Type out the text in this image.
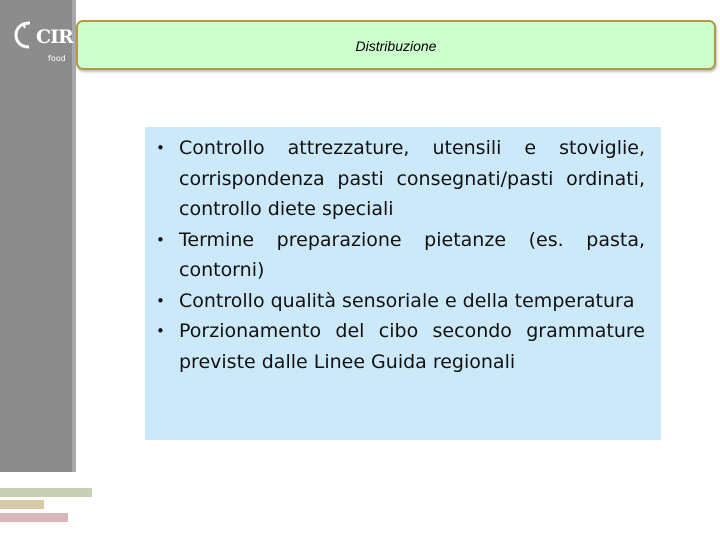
CIR
food
Distribuzione
• Controllo attrezzature, utensili e stoviglie, corrispondenza pasti consegnati/pasti ordinati, controllo diete speciali
• Termine preparazione pietanze (es. pasta, contorni)
• Controllo qualità sensoriale e della temperatura
• Porzionamento del cibo secondo grammature previste dalle Linee Guida regionali
